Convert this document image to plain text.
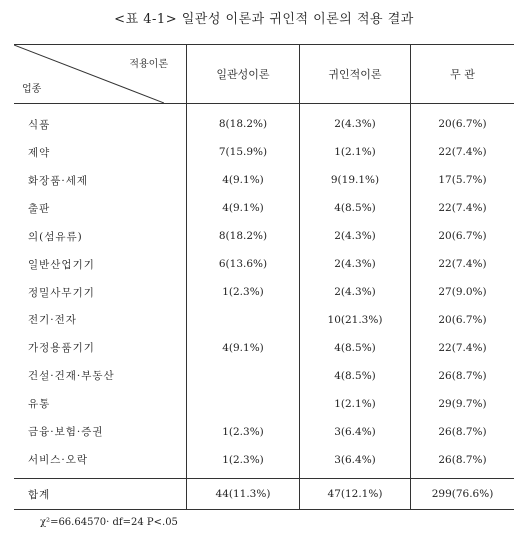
<표 4-1> 일관성 이론과 귀인적 이론의 적용 결과
적용이론
업종	일관성이론	귀인적이론	무 관

식품	8(18.2%)	2(4.3%)	20(6.7%)

제약	7(15.9%)	1(2.1%)	22(7.4%)

화장품·세제	4(9.1%)	9(19.1%)	17(5.7%)

출판	4(9.1%)	4(8.5%)	22(7.4%)

의(섬유류)	8(18.2%)	2(4.3%)	20(6.7%)

일반산업기기	6(13.6%)	2(4.3%)	22(7.4%)

정밀사무기기	1(2.3%)	2(4.3%)	27(9.0%)

전기·전자		10(21.3%)	20(6.7%)

가정용품기기	4(9.1%)	4(8.5%)	22(7.4%)

건설·건재·부동산		4(8.5%)	26(8.7%)

유통		1(2.1%)	29(9.7%)

금융·보험·증권	1(2.3%)	3(6.4%)	26(8.7%)

서비스·오락	1(2.3%)	3(6.4%)	26(8.7%)

합계	44(11.3%)	47(12.1%)	299(76.6%)
χ²=66.64570· df=24 P<.05
